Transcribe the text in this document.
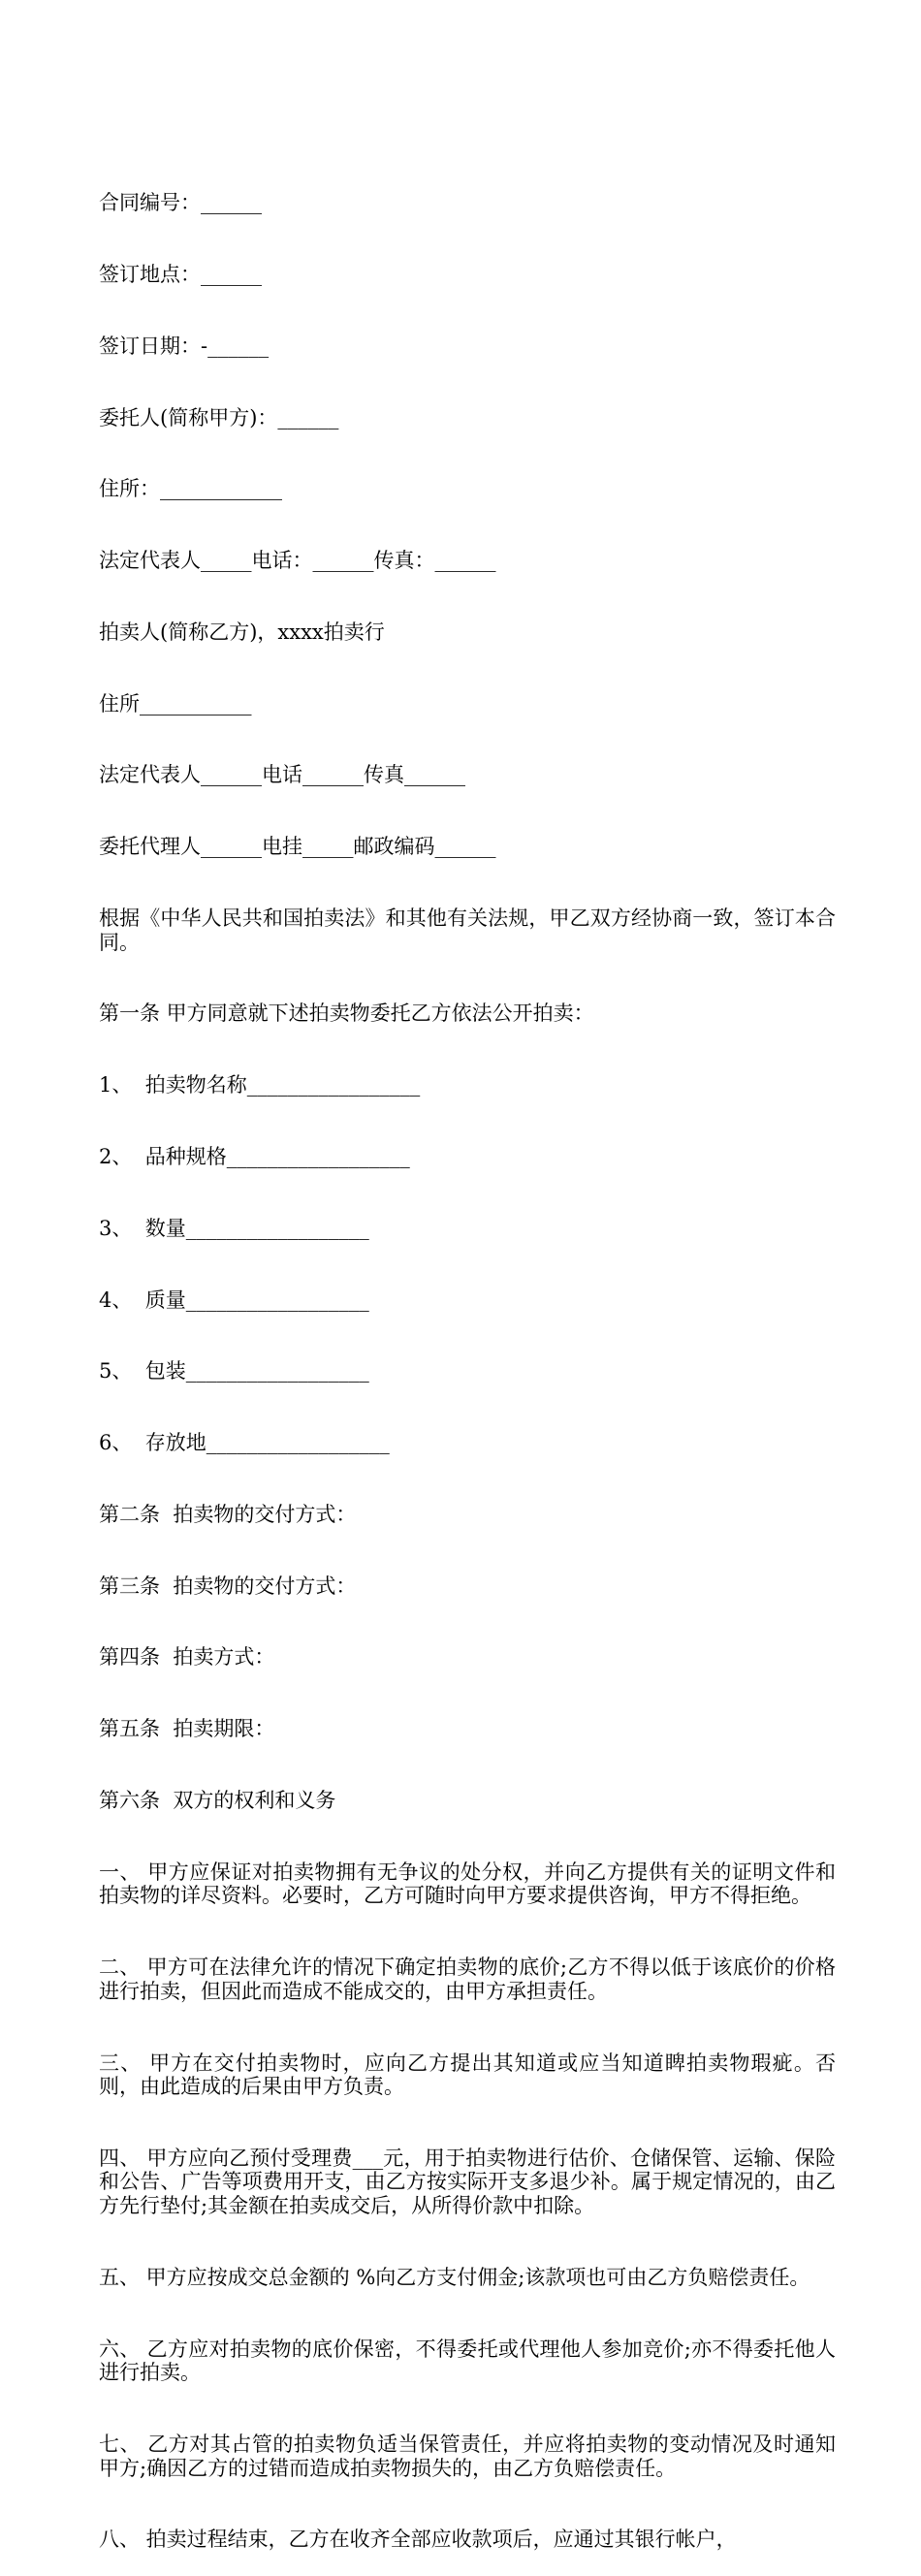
合同编号：______

签订地点：______

签订日期：-______

委托人(简称甲方)：______

住所：____________

法定代表人_____电话：______传真：______

拍卖人(简称乙方)，xxxx拍卖行

住所___________

法定代表人______电话______传真______

委托代理人______电挂_____邮政编码______

根据《中华人民共和国拍卖法》和其他有关法规，甲乙双方经协商一致，签订本合同。

第一条 甲方同意就下述拍卖物委托乙方依法公开拍卖：

1、  拍卖物名称_________________

2、  品种规格__________________

3、  数量__________________

4、  质量__________________

5、  包装__________________

6、  存放地__________________

第二条  拍卖物的交付方式：

第三条  拍卖物的交付方式：

第四条  拍卖方式：

第五条  拍卖期限：

第六条  双方的权利和义务

一、 甲方应保证对拍卖物拥有无争议的处分权，并向乙方提供有关的证明文件和拍卖物的详尽资料。必要时，乙方可随时向甲方要求提供咨询，甲方不得拒绝。

二、 甲方可在法律允许的情况下确定拍卖物的底价;乙方不得以低于该底价的价格进行拍卖，但因此而造成不能成交的，由甲方承担责任。

三、 甲方在交付拍卖物时，应向乙方提出其知道或应当知道睥拍卖物瑕疵。否则，由此造成的后果由甲方负责。

四、 甲方应向乙预付受理费___元，用于拍卖物进行估价、仓储保管、运输、保险和公告、广告等项费用开支，由乙方按实际开支多退少补。属于规定情况的，由乙方先行垫付;其金额在拍卖成交后，从所得价款中扣除。

五、 甲方应按成交总金额的 %向乙方支付佣金;该款项也可由乙方负赔偿责任。

六、 乙方应对拍卖物的底价保密，不得委托或代理他人参加竞价;亦不得委托他人进行拍卖。

七、 乙方对其占管的拍卖物负适当保管责任，并应将拍卖物的变动情况及时通知甲方;确因乙方的过错而造成拍卖物损失的，由乙方负赔偿责任。

八、 拍卖过程结束，乙方在收齐全部应收款项后，应通过其银行帐户，
